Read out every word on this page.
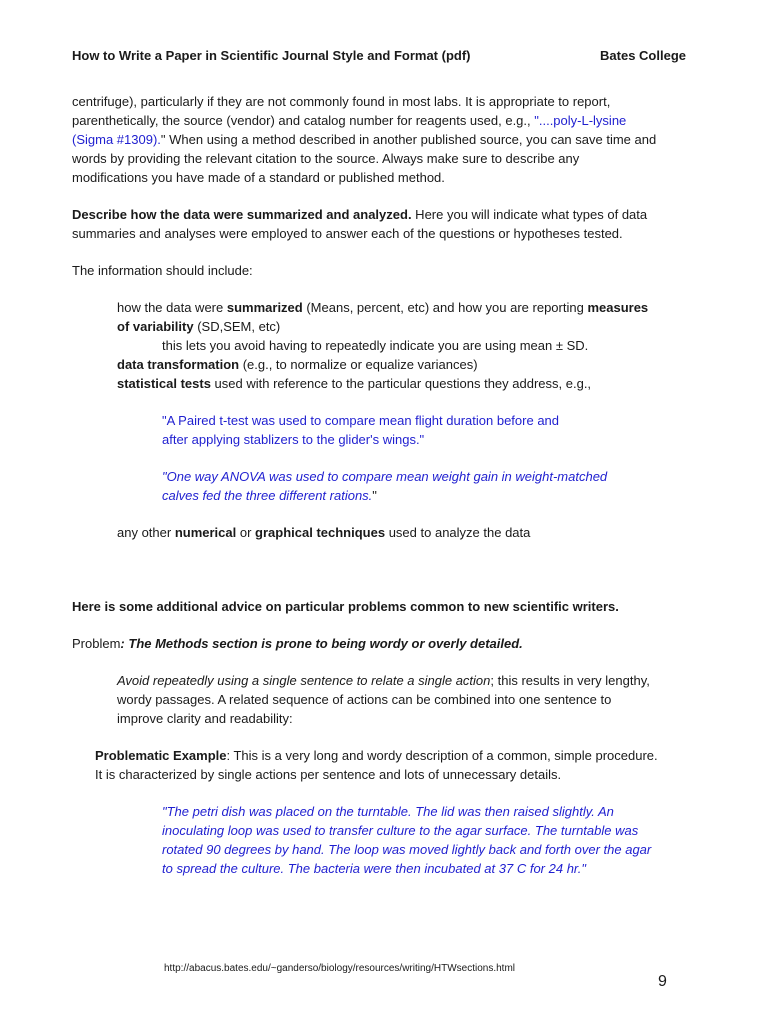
How to Write a Paper in Scientific Journal Style and Format (pdf)	Bates College
centrifuge), particularly if they are not commonly found in most labs. It is appropriate to report,
parenthetically, the source (vendor) and catalog number for reagents used, e.g., "....poly-L-lysine
(Sigma #1309)." When using a method described in another published source, you can save time and
words by providing the relevant citation to the source. Always make sure to describe any
modifications you have made of a standard or published method.
Describe how the data were summarized and analyzed. Here you will indicate what types of data
summaries and analyses were employed to answer each of the questions or hypotheses tested.
The information should include:
how the data were summarized (Means, percent, etc) and how you are reporting measures
of variability (SD,SEM, etc)
this lets you avoid having to repeatedly indicate you are using mean ± SD.
data transformation (e.g., to normalize or equalize variances)
statistical tests used with reference to the particular questions they address, e.g.,
"A Paired t-test was used to compare mean flight duration before and
after applying stablizers to the glider's wings."
"One way ANOVA was used to compare mean weight gain in weight-matched
calves fed the three different rations."
any other numerical or graphical techniques used to analyze the data
Here is some additional advice on particular problems common to new scientific writers.
Problem: The Methods section is prone to being wordy or overly detailed.
Avoid repeatedly using a single sentence to relate a single action; this results in very lengthy,
wordy passages. A related sequence of actions can be combined into one sentence to
improve clarity and readability:
Problematic Example: This is a very long and wordy description of a common, simple procedure.
It is characterized by single actions per sentence and lots of unnecessary details.
"The petri dish was placed on the turntable. The lid was then raised slightly. An
inoculating loop was used to transfer culture to the agar surface. The turntable was
rotated 90 degrees by hand. The loop was moved lightly back and forth over the agar
to spread the culture. The bacteria were then incubated at 37 C for 24 hr."
http://abacus.bates.edu/~ganderso/biology/resources/writing/HTWsections.html
9
